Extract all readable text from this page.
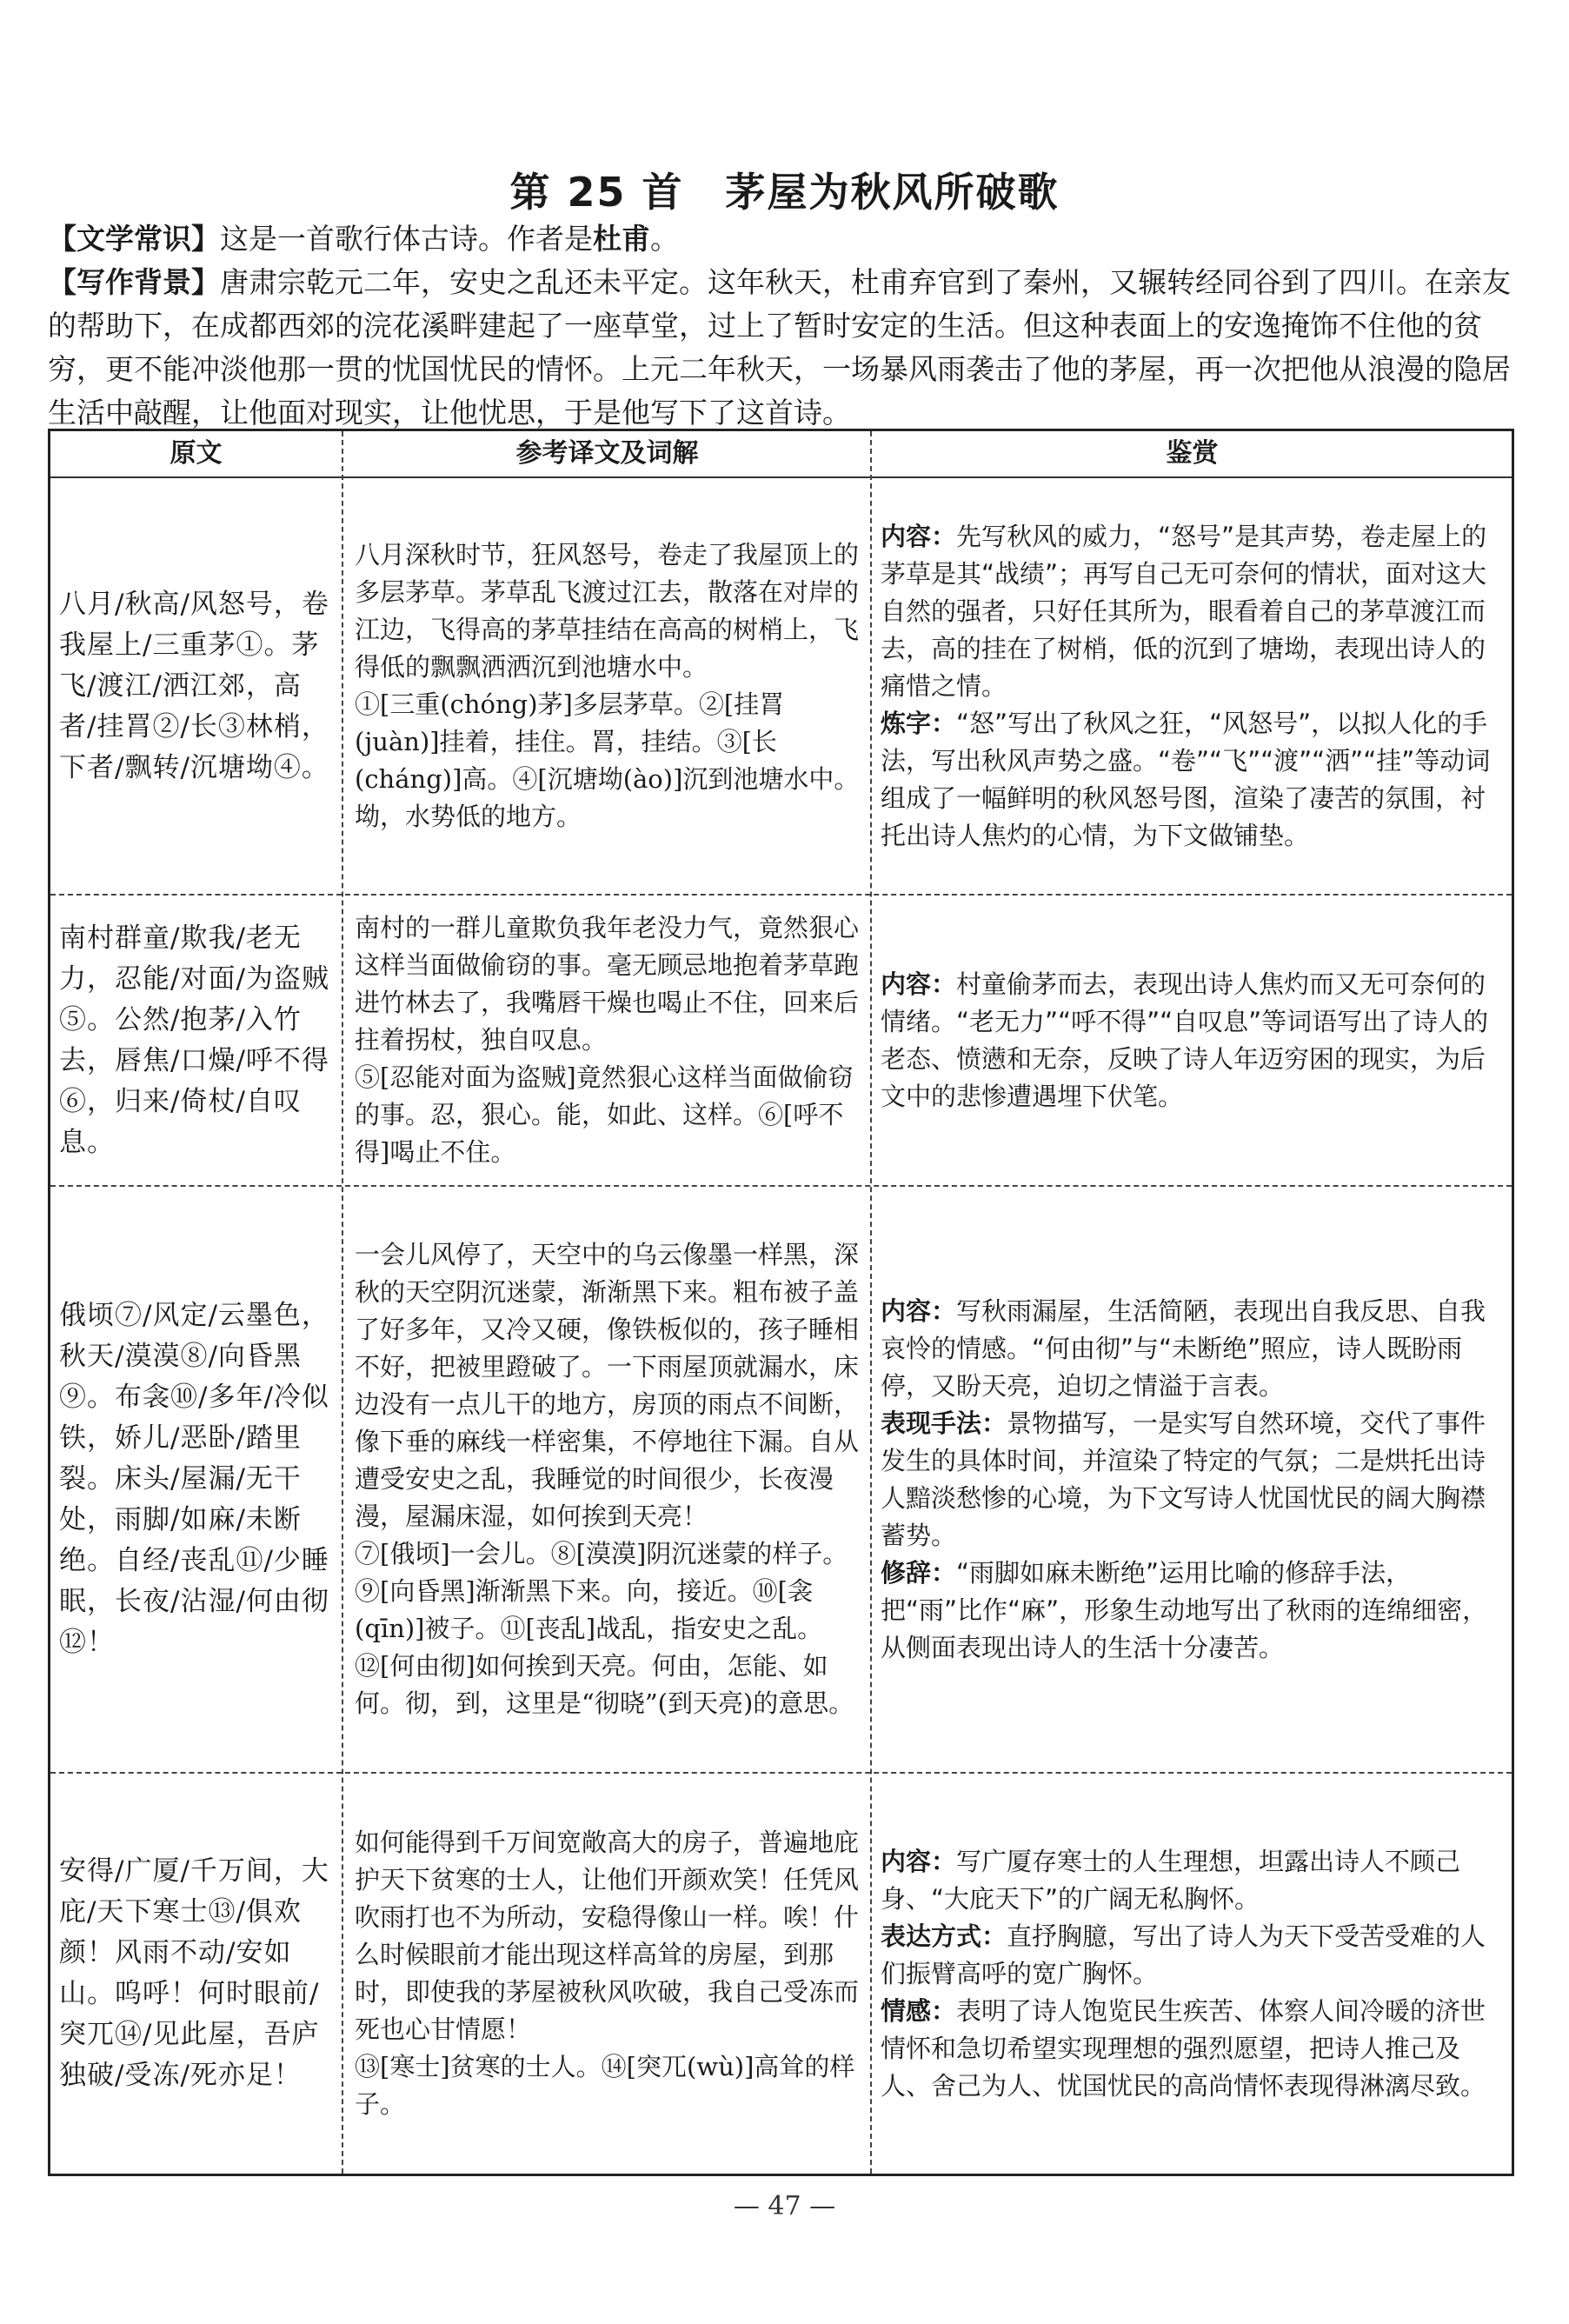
第 25 首　茅屋为秋风所破歌
【文学常识】这是一首歌行体古诗。作者是杜甫。
【写作背景】唐肃宗乾元二年，安史之乱还未平定。这年秋天，杜甫弃官到了秦州，又辗转经同谷到了四川。在亲友的帮助下，在成都西郊的浣花溪畔建起了一座草堂，过上了暂时安定的生活。但这种表面上的安逸掩饰不住他的贫穷，更不能冲淡他那一贯的忧国忧民的情怀。上元二年秋天，一场暴风雨袭击了他的茅屋，再一次把他从浪漫的隐居生活中敲醒，让他面对现实，让他忧思，于是他写下了这首诗。
原文	参考译文及词解	鉴赏
八月/秋高/风怒号，卷我屋上/三重茅①。茅飞/渡江/洒江郊，高者/挂罥②/长③林梢，下者/飘转/沉塘坳④。

八月深秋时节，狂风怒号，卷走了我屋顶上的多层茅草。茅草乱飞渡过江去，散落在对岸的江边，飞得高的茅草挂结在高高的树梢上，飞得低的飘飘洒洒沉到池塘水中。

①[三重(chóng)茅]多层茅草。②[挂罥(juàn)]挂着，挂住。罥，挂结。③[长(cháng)]高。④[沉塘坳(ào)]沉到池塘水中。坳，水势低的地方。

内容：先写秋风的威力，“怒号”是其声势，卷走屋上的茅草是其“战绩”；再写自己无可奈何的情状，面对这大自然的强者，只好任其所为，眼看着自己的茅草渡江而去，高的挂在了树梢，低的沉到了塘坳，表现出诗人的痛惜之情。

炼字：“怒”写出了秋风之狂，“风怒号”，以拟人化的手法，写出秋风声势之盛。“卷”“飞”“渡”“洒”“挂”等动词组成了一幅鲜明的秋风怒号图，渲染了凄苦的氛围，衬托出诗人焦灼的心情，为下文做铺垫。

南村群童/欺我/老无力，忍能/对面/为盗贼⑤。公然/抱茅/入竹去，唇焦/口燥/呼不得⑥，归来/倚杖/自叹息。

南村的一群儿童欺负我年老没力气，竟然狠心这样当面做偷窃的事。毫无顾忌地抱着茅草跑进竹林去了，我嘴唇干燥也喝止不住，回来后拄着拐杖，独自叹息。

⑤[忍能对面为盗贼]竟然狠心这样当面做偷窃的事。忍，狠心。能，如此、这样。⑥[呼不得]喝止不住。

内容：村童偷茅而去，表现出诗人焦灼而又无可奈何的情绪。“老无力”“呼不得”“自叹息”等词语写出了诗人的老态、愤懑和无奈，反映了诗人年迈穷困的现实，为后文中的悲惨遭遇埋下伏笔。

俄顷⑦/风定/云墨色，秋天/漠漠⑧/向昏黑⑨。布衾⑩/多年/冷似铁，娇儿/恶卧/踏里裂。床头/屋漏/无干处，雨脚/如麻/未断绝。自经/丧乱⑪/少睡眠，长夜/沾湿/何由彻⑫！

一会儿风停了，天空中的乌云像墨一样黑，深秋的天空阴沉迷蒙，渐渐黑下来。粗布被子盖了好多年，又冷又硬，像铁板似的，孩子睡相不好，把被里蹬破了。一下雨屋顶就漏水，床边没有一点儿干的地方，房顶的雨点不间断，像下垂的麻线一样密集，不停地往下漏。自从遭受安史之乱，我睡觉的时间很少，长夜漫漫，屋漏床湿，如何挨到天亮！

⑦[俄顷]一会儿。⑧[漠漠]阴沉迷蒙的样子。⑨[向昏黑]渐渐黑下来。向，接近。⑩[衾(qīn)]被子。⑪[丧乱]战乱，指安史之乱。⑫[何由彻]如何挨到天亮。何由，怎能、如何。彻，到，这里是“彻晓”(到天亮)的意思。

内容：写秋雨漏屋，生活简陋，表现出自我反思、自我哀怜的情感。“何由彻”与“未断绝”照应，诗人既盼雨停，又盼天亮，迫切之情溢于言表。

表现手法：景物描写，一是实写自然环境，交代了事件发生的具体时间，并渲染了特定的气氛；二是烘托出诗人黯淡愁惨的心境，为下文写诗人忧国忧民的阔大胸襟蓄势。

修辞：“雨脚如麻未断绝”运用比喻的修辞手法，把“雨”比作“麻”，形象生动地写出了秋雨的连绵细密，从侧面表现出诗人的生活十分凄苦。

安得/广厦/千万间，大庇/天下寒士⑬/俱欢颜！风雨不动/安如山。呜呼！何时眼前/突兀⑭/见此屋，吾庐独破/受冻/死亦足！

如何能得到千万间宽敞高大的房子，普遍地庇护天下贫寒的士人，让他们开颜欢笑！任凭风吹雨打也不为所动，安稳得像山一样。唉！什么时候眼前才能出现这样高耸的房屋，到那时，即使我的茅屋被秋风吹破，我自己受冻而死也心甘情愿！

⑬[寒士]贫寒的士人。⑭[突兀(wù)]高耸的样子。

内容：写广厦存寒士的人生理想，坦露出诗人不顾己身、“大庇天下”的广阔无私胸怀。

表达方式：直抒胸臆，写出了诗人为天下受苦受难的人们振臂高呼的宽广胸怀。

情感：表明了诗人饱览民生疾苦、体察人间冷暖的济世情怀和急切希望实现理想的强烈愿望，把诗人推己及人、舍己为人、忧国忧民的高尚情怀表现得淋漓尽致。

— 47 —
